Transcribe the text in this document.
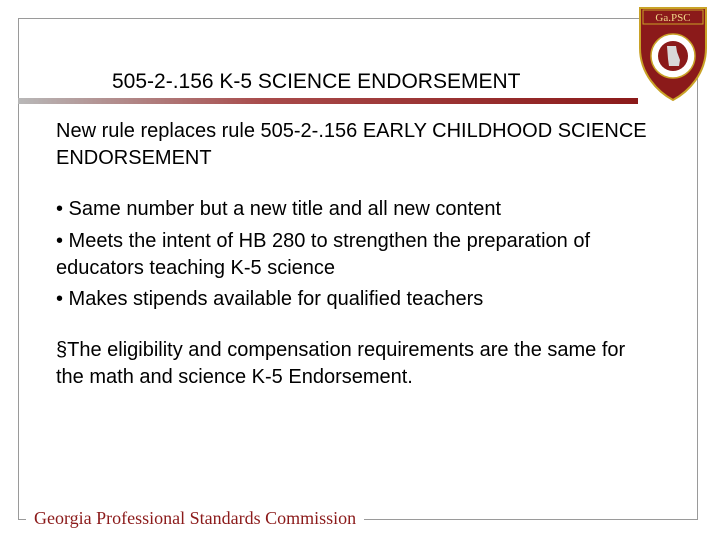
505-2-.156 K-5 SCIENCE ENDORSEMENT

New rule replaces rule 505-2-.156 EARLY CHILDHOOD SCIENCE ENDORSEMENT

• Same number but a new title and all new content
• Meets the intent of HB 280 to strengthen the preparation of educators teaching K-5 science
• Makes stipends available for qualified teachers

§The eligibility and compensation requirements are the same for the math and science K-5 Endorsement.

Georgia Professional Standards Commission
Ga.PSC
